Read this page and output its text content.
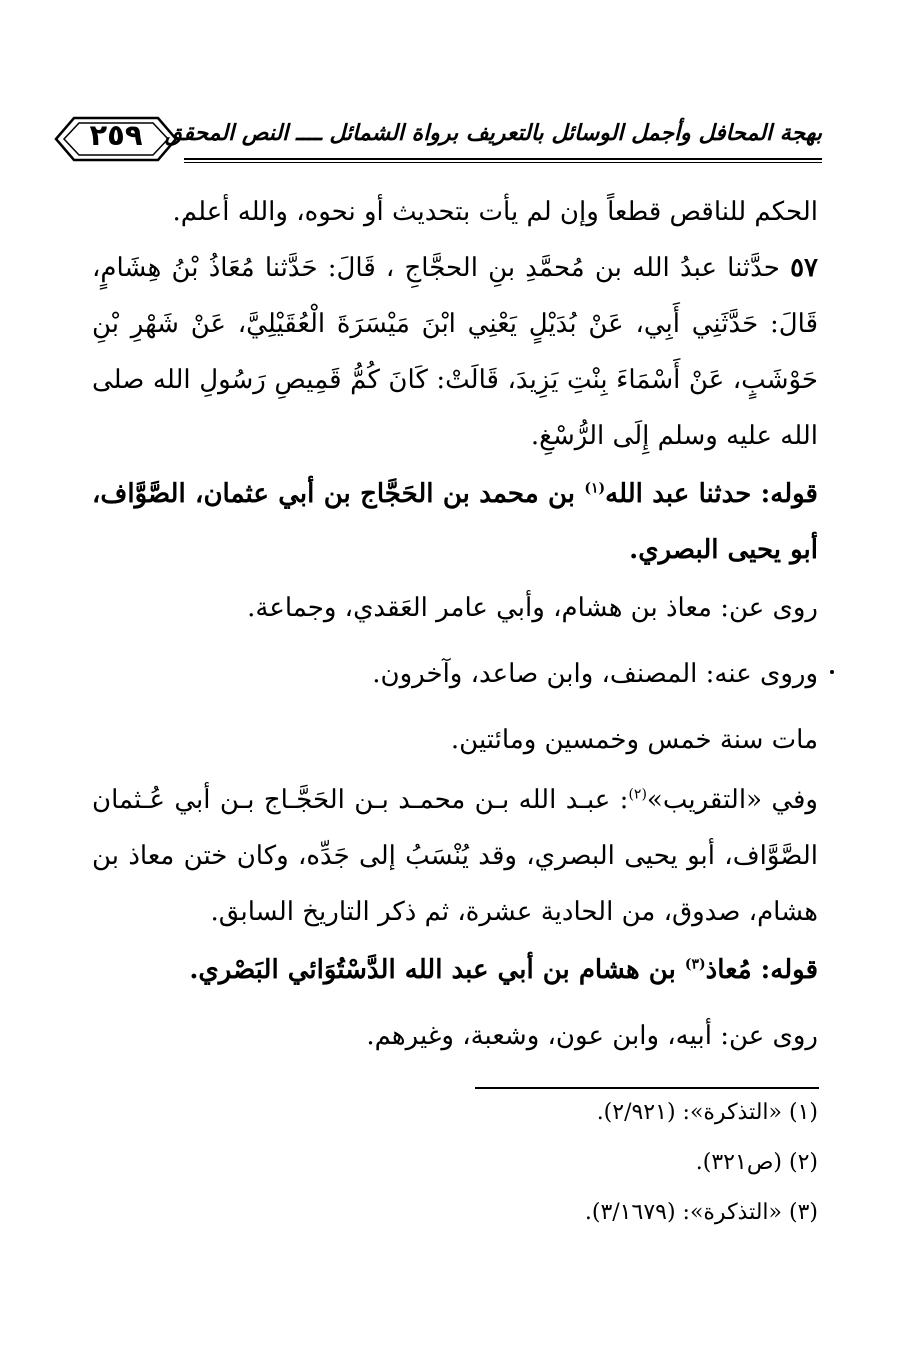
٢٥٩	بهجة المحافل وأجمل الوسائل بالتعريف برواة الشمائل ــــ النص المحقق
الحكم للناقص قطعاً وإن لم يأت بتحديث أو نحوه، والله أعلم.
٥٧ حدَّثنا عبدُ الله بن مُحمَّدِ بنِ الحجَّاجِ ، قَالَ: حَدَّثنا مُعَاذُ بْنُ هِشَامٍ، قَالَ: حَدَّثَنِي أَبِي، عَنْ بُدَيْلٍ يَعْنِي ابْنَ مَيْسَرَةَ الْعُقَيْلِيَّ، عَنْ شَهْرِ بْنِ حَوْشَبٍ، عَنْ أَسْمَاءَ بِنْتِ يَزِيدَ، قَالَتْ: كَانَ كُمُّ قَمِيصِ رَسُولِ الله صلى الله عليه وسلم إِلَى الرُّسْغِ.
قوله: حدثنا عبد الله$^{(١)}$ بن محمد بن الحَجَّاج بن أبي عثمان، الصَّوَّاف، أبو يحيى البصري.
روى عن: معاذ بن هشام، وأبي عامر العَقدي، وجماعة.
وروى عنه: المصنف، وابن صاعد، وآخرون.
مات سنة خمس وخمسين ومائتين.
وفي «التقريب»$^{(٢)}$: عبـد الله بـن محمـد بـن الحَجَّـاج بـن أبي عُـثمان الصَّوَّاف، أبو يحيى البصري، وقد يُنْسَبُ إلى جَدِّه، وكان ختن معاذ بن هشام، صدوق، من الحادية عشرة، ثم ذكر التاريخ السابق.
قوله: مُعاذ$^{(٣)}$ بن هشام بن أبي عبد الله الدَّسْتُوَائي البَصْري.
روى عن: أبيه، وابن عون، وشعبة، وغيرهم.
(١) «التذكرة»: (٢/٩٢١).
(٢) (ص٣٢١).
(٣) «التذكرة»: (٣/١٦٧٩).
